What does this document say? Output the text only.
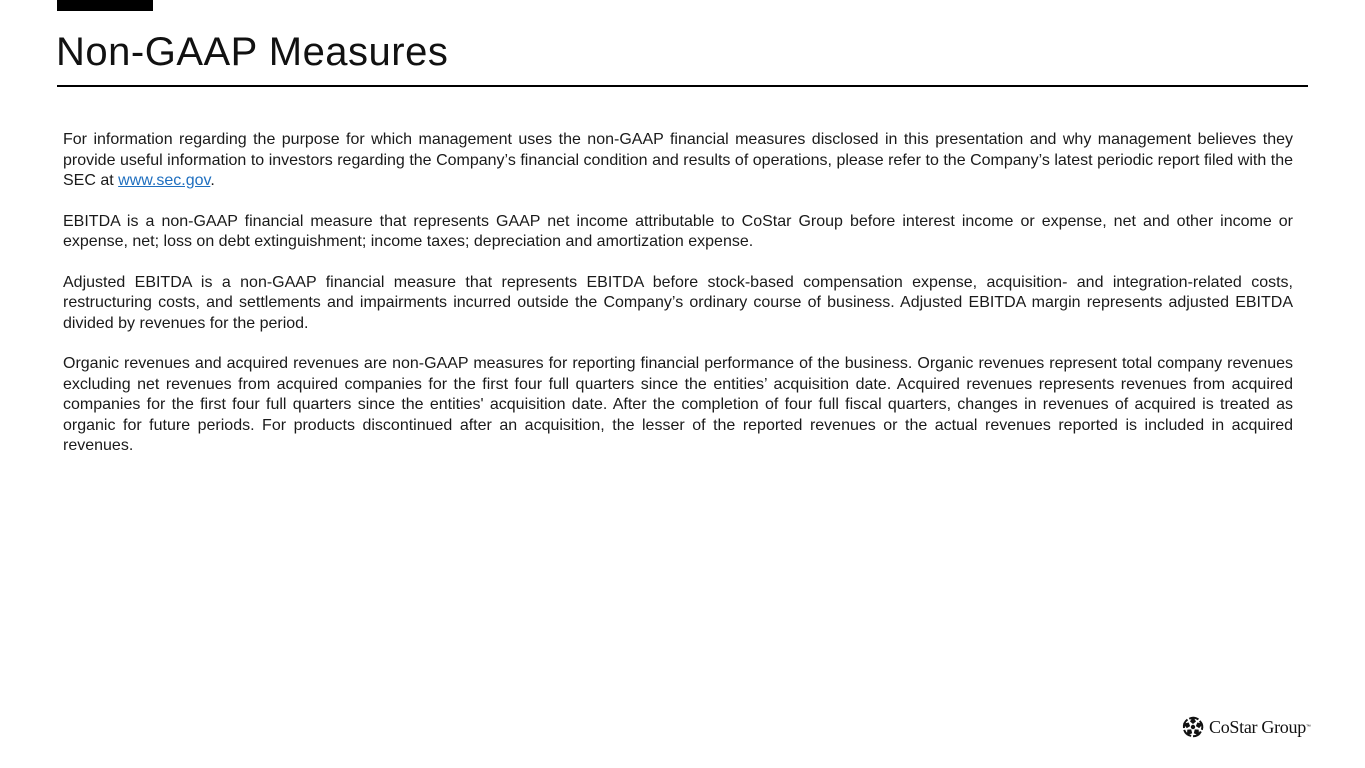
Non-GAAP Measures

For information regarding the purpose for which management uses the non-GAAP financial measures disclosed in this presentation and why management believes they provide useful information to investors regarding the Company’s financial condition and results of operations, please refer to the Company’s latest periodic report filed with the SEC at www.sec.gov.

EBITDA is a non-GAAP financial measure that represents GAAP net income attributable to CoStar Group before interest income or expense, net and other income or expense, net; loss on debt extinguishment; income taxes; depreciation and amortization expense.

Adjusted EBITDA is a non-GAAP financial measure that represents EBITDA before stock-based compensation expense, acquisition- and integration-related costs, restructuring costs, and settlements and impairments incurred outside the Company’s ordinary course of business. Adjusted EBITDA margin represents adjusted EBITDA divided by revenues for the period.

Organic revenues and acquired revenues are non-GAAP measures for reporting financial performance of the business. Organic revenues represent total company revenues excluding net revenues from acquired companies for the first four full quarters since the entities’ acquisition date. Acquired revenues represents revenues from acquired companies for the first four full quarters since the entities' acquisition date. After the completion of four full fiscal quarters, changes in revenues of acquired is treated as organic for future periods. For products discontinued after an acquisition, the lesser of the reported revenues or the actual revenues reported is included in acquired revenues.

CoStar Group ™
